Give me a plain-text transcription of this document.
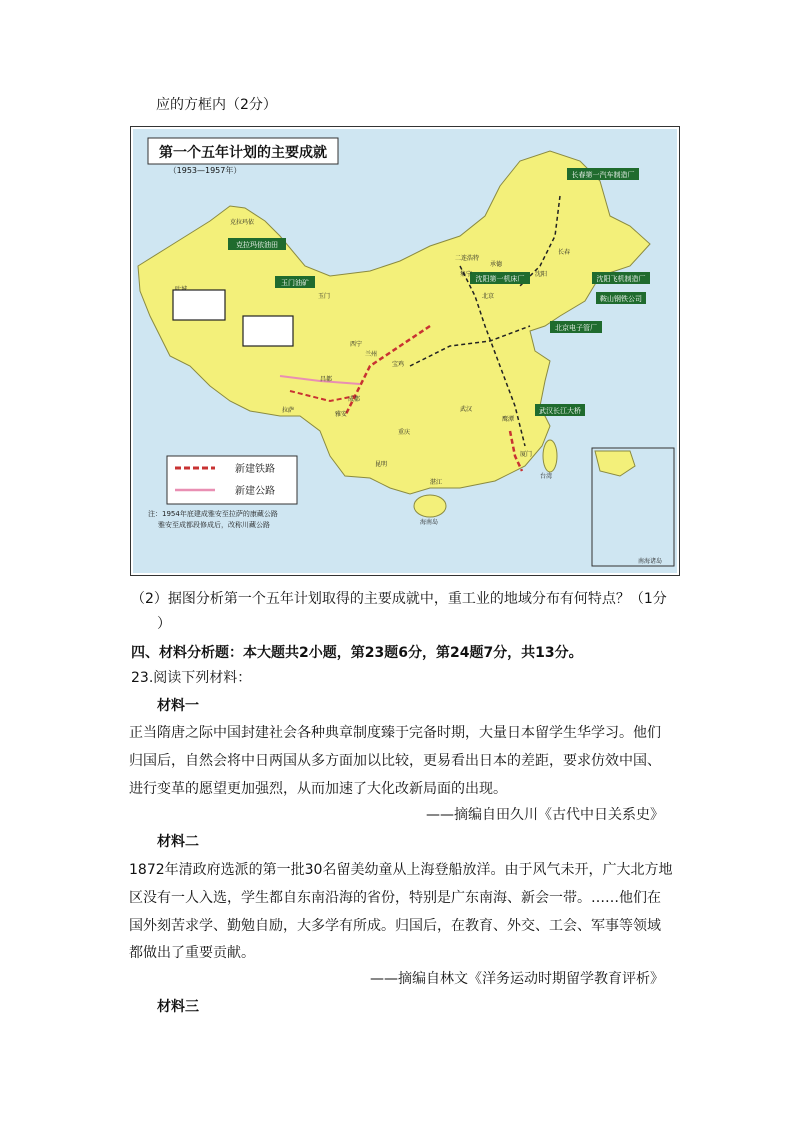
应的方框内（2分）
第一个五年计划的主要成就
（1953—1957年）	长春第一汽车制造厂
沈阳第一机床厂	沈阳飞机制造厂
鞍山钢铁公司
北京电子管厂
武汉长江大桥
克拉玛依油田
玉门油矿
长春
沈阳
北京
兰州
宝鸡
成都
重庆
拉萨
西宁
武汉
昆明
湛江
鹰潭
厦门
台湾
海南岛
承德
二连浩特
集宁
玉门
雅安
昌都
克拉玛依
新建铁路
新建公路
注：1954年底建成雅安至拉萨的康藏公路
雅安至成都段修成后，改称川藏公路
南海诸岛
（2）据图分析第一个五年计划取得的主要成就中，重工业的地域分布有何特点？（1分
）
四、材料分析题：本大题共2小题，第23题6分，第24题7分，共13分。
23.阅读下列材料：
材料一
正当隋唐之际中国封建社会各种典章制度臻于完备时期，大量日本留学生华学习。他们
归国后，自然会将中日两国从多方面加以比较，更易看出日本的差距，要求仿效中国、
进行变革的愿望更加强烈，从而加速了大化改新局面的出现。
——摘编自田久川《古代中日关系史》
材料二
1872年清政府选派的第一批30名留美幼童从上海登船放洋。由于风气未开，广大北方地
区没有一人入选，学生都自东南沿海的省份，特别是广东南海、新会一带。……他们在
国外刻苦求学、勤勉自励，大多学有所成。归国后，在教育、外交、工会、军事等领域
都做出了重要贡献。
——摘编自林文《洋务运动时期留学教育评析》
材料三
